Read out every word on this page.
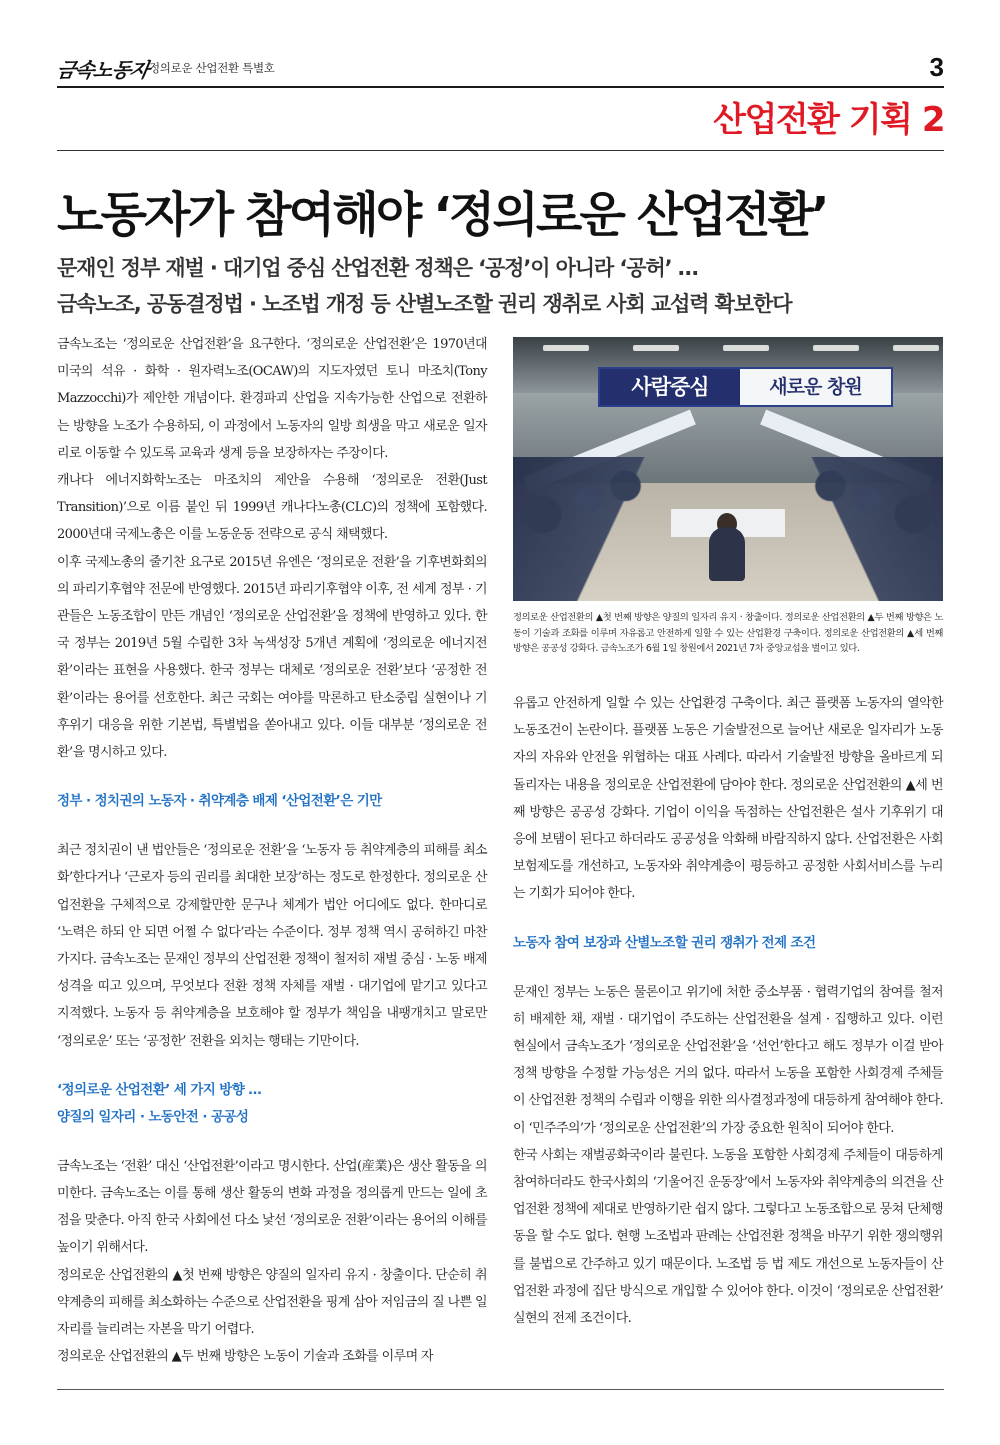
금속노동자
정의로운 산업전환 특별호	3
산업전환 기획 2
노동자가 참여해야 ‘정의로운 산업전환’
문재인 정부 재벌 · 대기업 중심 산업전환 정책은 ‘공정’이 아니라 ‘공허’ …
금속노조, 공동결정법 · 노조법 개정 등 산별노조할 권리 쟁취로 사회 교섭력 확보한다

금속노조는 ‘정의로운 산업전환’을 요구한다. ‘정의로운 산업전환’은 1970년대 미국의 석유 · 화학 · 원자력노조(OCAW)의 지도자였던 토니 마조치(Tony Mazzocchi)가 제안한 개념이다. 환경파괴 산업을 지속가능한 산업으로 전환하는 방향을 노조가 수용하되, 이 과정에서 노동자의 일방 희생을 막고 새로운 일자리로 이동할 수 있도록 교육과 생계 등을 보장하자는 주장이다.

캐나다 에너지화학노조는 마조치의 제안을 수용해 ‘정의로운 전환(Just Transition)’으로 이름 붙인 뒤 1999년 캐나다노총(CLC)의 정책에 포함했다. 2000년대 국제노총은 이를 노동운동 전략으로 공식 채택했다.

이후 국제노총의 줄기찬 요구로 2015년 유엔은 ‘정의로운 전환’을 기후변화회의의 파리기후협약 전문에 반영했다. 2015년 파리기후협약 이후, 전 세계 정부 · 기관들은 노동조합이 만든 개념인 ‘정의로운 산업전환’을 정책에 반영하고 있다. 한국 정부는 2019년 5월 수립한 3차 녹색성장 5개년 계획에 ‘정의로운 에너지전환’이라는 표현을 사용했다. 한국 정부는 대체로 ‘정의로운 전환’보다 ‘공정한 전환’이라는 용어를 선호한다. 최근 국회는 여야를 막론하고 탄소중립 실현이나 기후위기 대응을 위한 기본법, 특별법을 쏟아내고 있다. 이들 대부분 ‘정의로운 전환’을 명시하고 있다.

정부 · 정치권의 노동자 · 취약계층 배제 ‘산업전환’은 기만

최근 정치권이 낸 법안들은 ‘정의로운 전환’을 ‘노동자 등 취약계층의 피해를 최소화’한다거나 ‘근로자 등의 권리를 최대한 보장’하는 정도로 한정한다. 정의로운 산업전환을 구체적으로 강제할만한 문구나 체계가 법안 어디에도 없다. 한마디로 ‘노력은 하되 안 되면 어쩔 수 없다’라는 수준이다. 정부 정책 역시 공허하긴 마찬가지다. 금속노조는 문재인 정부의 산업전환 정책이 철저히 재벌 중심 · 노동 배제 성격을 띠고 있으며, 무엇보다 전환 정책 자체를 재벌 · 대기업에 맡기고 있다고 지적했다. 노동자 등 취약계층을 보호해야 할 정부가 책임을 내팽개치고 말로만 ‘정의로운’ 또는 ‘공정한’ 전환을 외치는 행태는 기만이다.

‘정의로운 산업전환’ 세 가지 방향 …

양질의 일자리 · 노동안전 · 공공성

금속노조는 ‘전환’ 대신 ‘산업전환’이라고 명시한다. 산업(産業)은 생산 활동을 의미한다. 금속노조는 이를 통해 생산 활동의 변화 과정을 정의롭게 만드는 일에 초점을 맞춘다. 아직 한국 사회에선 다소 낯선 ‘정의로운 전환’이라는 용어의 이해를 높이기 위해서다.

정의로운 산업전환의 ▲첫 번째 방향은 양질의 일자리 유지 · 창출이다. 단순히 취약계층의 피해를 최소화하는 수준으로 산업전환을 핑계 삼아 저임금의 질 나쁜 일자리를 늘리려는 자본을 막기 어렵다.

정의로운 산업전환의 ▲두 번째 방향은 노동이 기술과 조화를 이루며 자

사람중심	새로운 창원

정의로운 산업전환의 ▲첫 번째 방향은 양질의 일자리 유지 · 창출이다. 정의로운 산업전환의 ▲두 번째 방향은 노동이 기술과 조화를 이루며 자유롭고 안전하게 일할 수 있는 산업환경 구축이다. 정의로운 산업전환의 ▲세 번째 방향은 공공성 강화다. 금속노조가 6월 1일 창원에서 2021년 7차 중앙교섭을 벌이고 있다.

유롭고 안전하게 일할 수 있는 산업환경 구축이다. 최근 플랫폼 노동자의 열악한 노동조건이 논란이다. 플랫폼 노동은 기술발전으로 늘어난 새로운 일자리가 노동자의 자유와 안전을 위협하는 대표 사례다. 따라서 기술발전 방향을 올바르게 되돌리자는 내용을 정의로운 산업전환에 담아야 한다. 정의로운 산업전환의 ▲세 번째 방향은 공공성 강화다. 기업이 이익을 독점하는 산업전환은 설사 기후위기 대응에 보탬이 된다고 하더라도 공공성을 악화해 바람직하지 않다. 산업전환은 사회보험제도를 개선하고, 노동자와 취약계층이 평등하고 공정한 사회서비스를 누리는 기회가 되어야 한다.

노동자 참여 보장과 산별노조할 권리 쟁취가 전제 조건

문재인 정부는 노동은 물론이고 위기에 처한 중소부품 · 협력기업의 참여를 철저히 배제한 채, 재벌 · 대기업이 주도하는 산업전환을 설계 · 집행하고 있다. 이런 현실에서 금속노조가 ‘정의로운 산업전환’을 ‘선언’한다고 해도 정부가 이걸 받아 정책 방향을 수정할 가능성은 거의 없다. 따라서 노동을 포함한 사회경제 주체들이 산업전환 정책의 수립과 이행을 위한 의사결정과정에 대등하게 참여해야 한다. 이 ‘민주주의’가 ‘정의로운 산업전환’의 가장 중요한 원칙이 되어야 한다.

한국 사회는 재벌공화국이라 불린다. 노동을 포함한 사회경제 주체들이 대등하게 참여하더라도 한국사회의 ‘기울어진 운동장’에서 노동자와 취약계층의 의견을 산업전환 정책에 제대로 반영하기란 쉽지 않다. 그렇다고 노동조합으로 뭉쳐 단체행동을 할 수도 없다. 현행 노조법과 판례는 산업전환 정책을 바꾸기 위한 쟁의행위를 불법으로 간주하고 있기 때문이다. 노조법 등 법 제도 개선으로 노동자들이 산업전환 과정에 집단 방식으로 개입할 수 있어야 한다. 이것이 ‘정의로운 산업전환’ 실현의 전제 조건이다.
